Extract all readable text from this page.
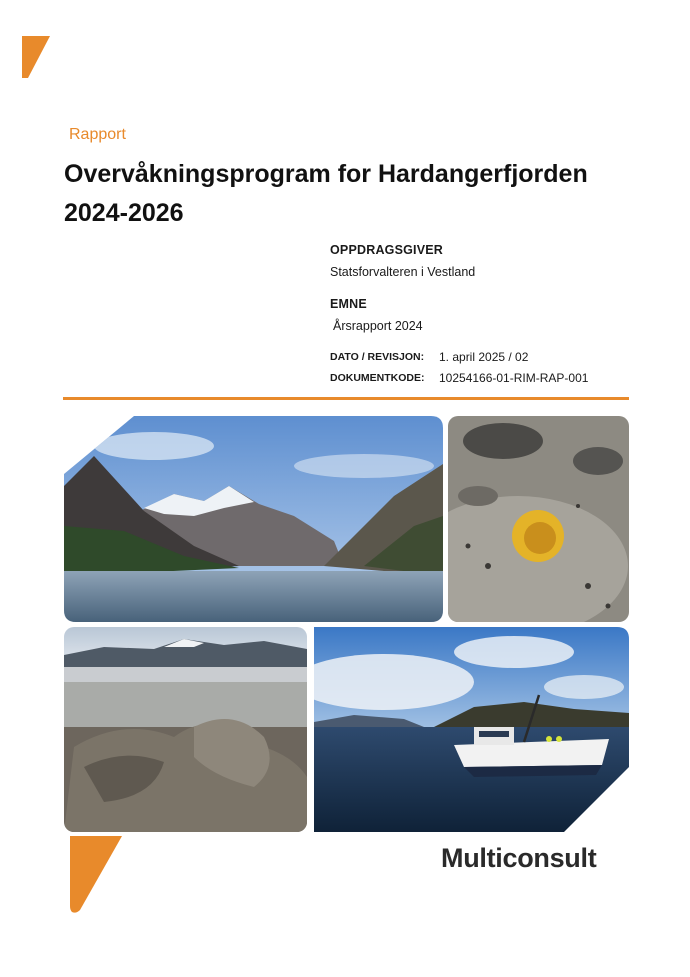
Rapport
Overvåkningsprogram for Hardangerfjorden
2024-2026
OPPDRAGSGIVER
Statsforvalteren i Vestland
EMNE
Årsrapport 2024
DATO / REVISJON: 1. april 2025 / 02
DOKUMENTKODE: 10254166-01-RIM-RAP-001
Multiconsult
